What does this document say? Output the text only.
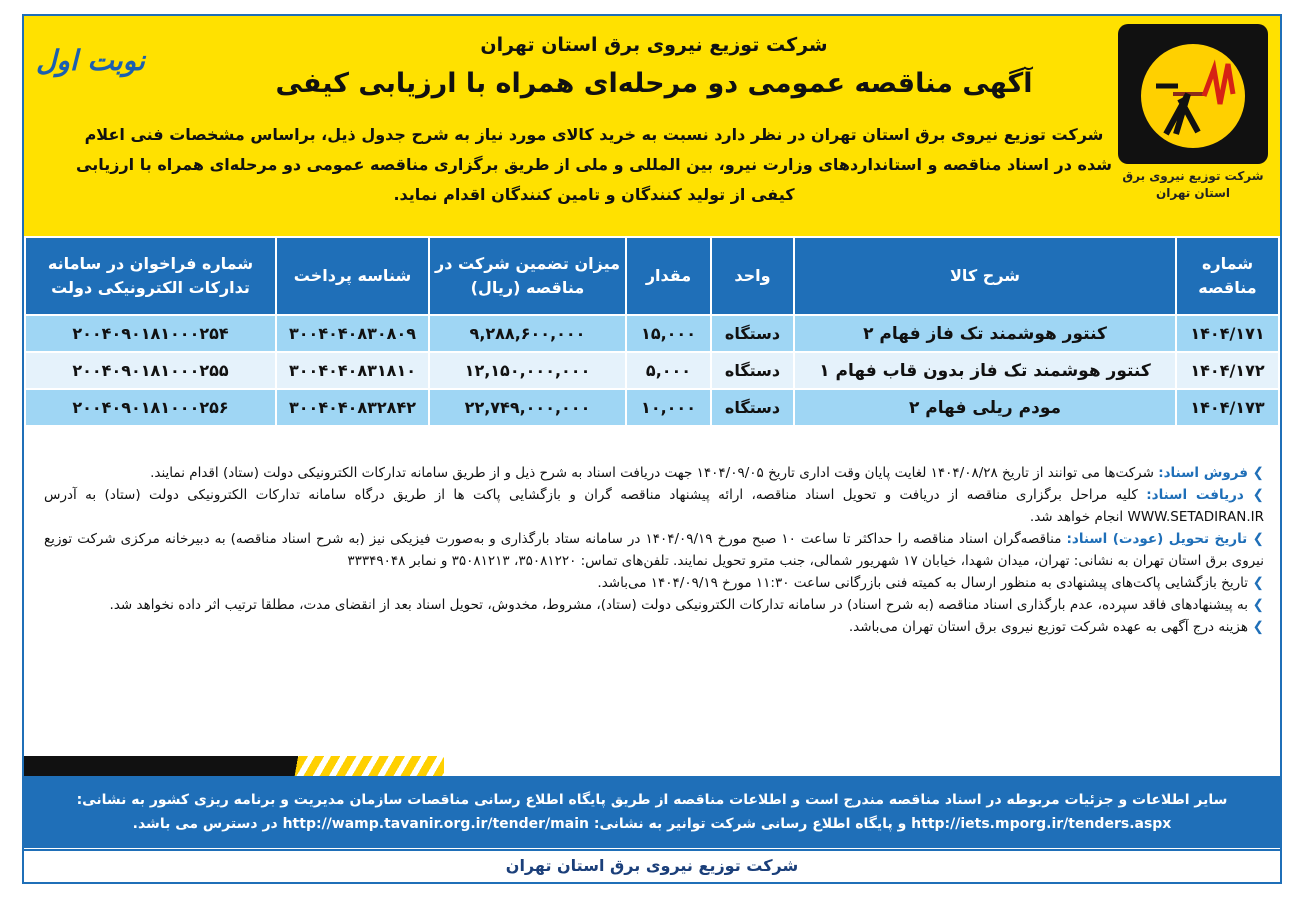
نوبت اول	شرکت توزیع نیروی برق استان تهران
آگهی مناقصه عمومی دو مرحله‌ای همراه با ارزیابی کیفی
شرکت توزیع نیروی برق استان تهران در نظر دارد نسبت به خرید کالای مورد نیاز به شرح جدول ذیل، براساس مشخصات فنی اعلام شده در اسناد مناقصه و استانداردهای وزارت نیرو، بین المللی و ملی از طریق برگزاری مناقصه عمومی دو مرحله‌ای همراه با ارزیابی کیفی از تولید کنندگان و تامین کنندگان اقدام نماید.
شرکت توزیع نیروی برق
استان تهران
شماره مناقصه	شرح کالا	واحد	مقدار	میزان تضمین شرکت در مناقصه (ریال)	شناسه پرداخت	شماره فراخوان در سامانه تدارکات الکترونیکی دولت
۱۴۰۴/۱۷۱	کنتور هوشمند تک فاز فهام ۲	دستگاه	۱۵,۰۰۰	۹,۲۸۸,۶۰۰,۰۰۰	۳۰۰۴۰۴۰۸۳۰۸۰۹	۲۰۰۴۰۹۰۱۸۱۰۰۰۲۵۴
۱۴۰۴/۱۷۲	کنتور هوشمند تک فاز بدون قاب فهام ۱	دستگاه	۵,۰۰۰	۱۲,۱۵۰,۰۰۰,۰۰۰	۳۰۰۴۰۴۰۸۳۱۸۱۰	۲۰۰۴۰۹۰۱۸۱۰۰۰۲۵۵
۱۴۰۴/۱۷۳	مودم ریلی فهام ۲	دستگاه	۱۰,۰۰۰	۲۲,۷۴۹,۰۰۰,۰۰۰	۳۰۰۴۰۴۰۸۳۲۸۴۲	۲۰۰۴۰۹۰۱۸۱۰۰۰۲۵۶

❯ فروش اسناد: شرکت‌ها می توانند از تاریخ ۱۴۰۴/۰۸/۲۸ لغایت پایان وقت اداری تاریخ ۱۴۰۴/۰۹/۰۵ جهت دریافت اسناد به شرح ذیل و از طریق سامانه تدارکات الکترونیکی دولت (ستاد) اقدام نمایند.

❯ دریافت اسناد: کلیه مراحل برگزاری مناقصه از دریافت و تحویل اسناد مناقصه، ارائه پیشنهاد مناقصه گران و بازگشایی پاکت ها از طریق درگاه سامانه تدارکات الکترونیکی دولت (ستاد) به آدرس WWW.SETADIRAN.IR انجام خواهد شد.

❯ تاریخ تحویل (عودت) اسناد: مناقصه‌گران اسناد مناقصه را حداکثر تا ساعت ۱۰ صبح مورخ ۱۴۰۴/۰۹/۱۹ در سامانه ستاد بارگذاری و به‌صورت فیزیکی نیز (به شرح اسناد مناقصه) به دبیرخانه مرکزی شرکت توزیع نیروی برق استان تهران به نشانی: تهران، میدان شهدا، خیابان ۱۷ شهریور شمالی، جنب مترو تحویل نمایند. تلفن‌های تماس: ۳۵۰۸۱۲۲۰، ۳۵۰۸۱۲۱۳ و نمابر ۳۳۳۴۹۰۴۸

❯ تاریخ بازگشایی پاکت‌های پیشنهادی به منظور ارسال به کمیته فنی بازرگانی ساعت ۱۱:۳۰ مورخ ۱۴۰۴/۰۹/۱۹ می‌باشد.

❯ به پیشنهادهای فاقد سپرده، عدم بارگذاری اسناد مناقصه (به شرح اسناد) در سامانه تدارکات الکترونیکی دولت (ستاد)، مشروط، مخدوش، تحویل اسناد بعد از انقضای مدت، مطلقا ترتیب اثر داده نخواهد شد.

❯ هزینه درج آگهی به عهده شرکت توزیع نیروی برق استان تهران می‌باشد.

سایر اطلاعات و جزئیات مربوطه در اسناد مناقصه مندرج است و اطلاعات مناقصه از طریق پایگاه اطلاع رسانی مناقصات سازمان مدیریت و برنامه ریزی کشور به نشانی:
http://iets.mporg.ir/tenders.aspx و پایگاه اطلاع رسانی شرکت توانیر به نشانی: http://wamp.tavanir.org.ir/tender/main در دسترس می باشد.
شرکت توزیع نیروی برق استان تهران
